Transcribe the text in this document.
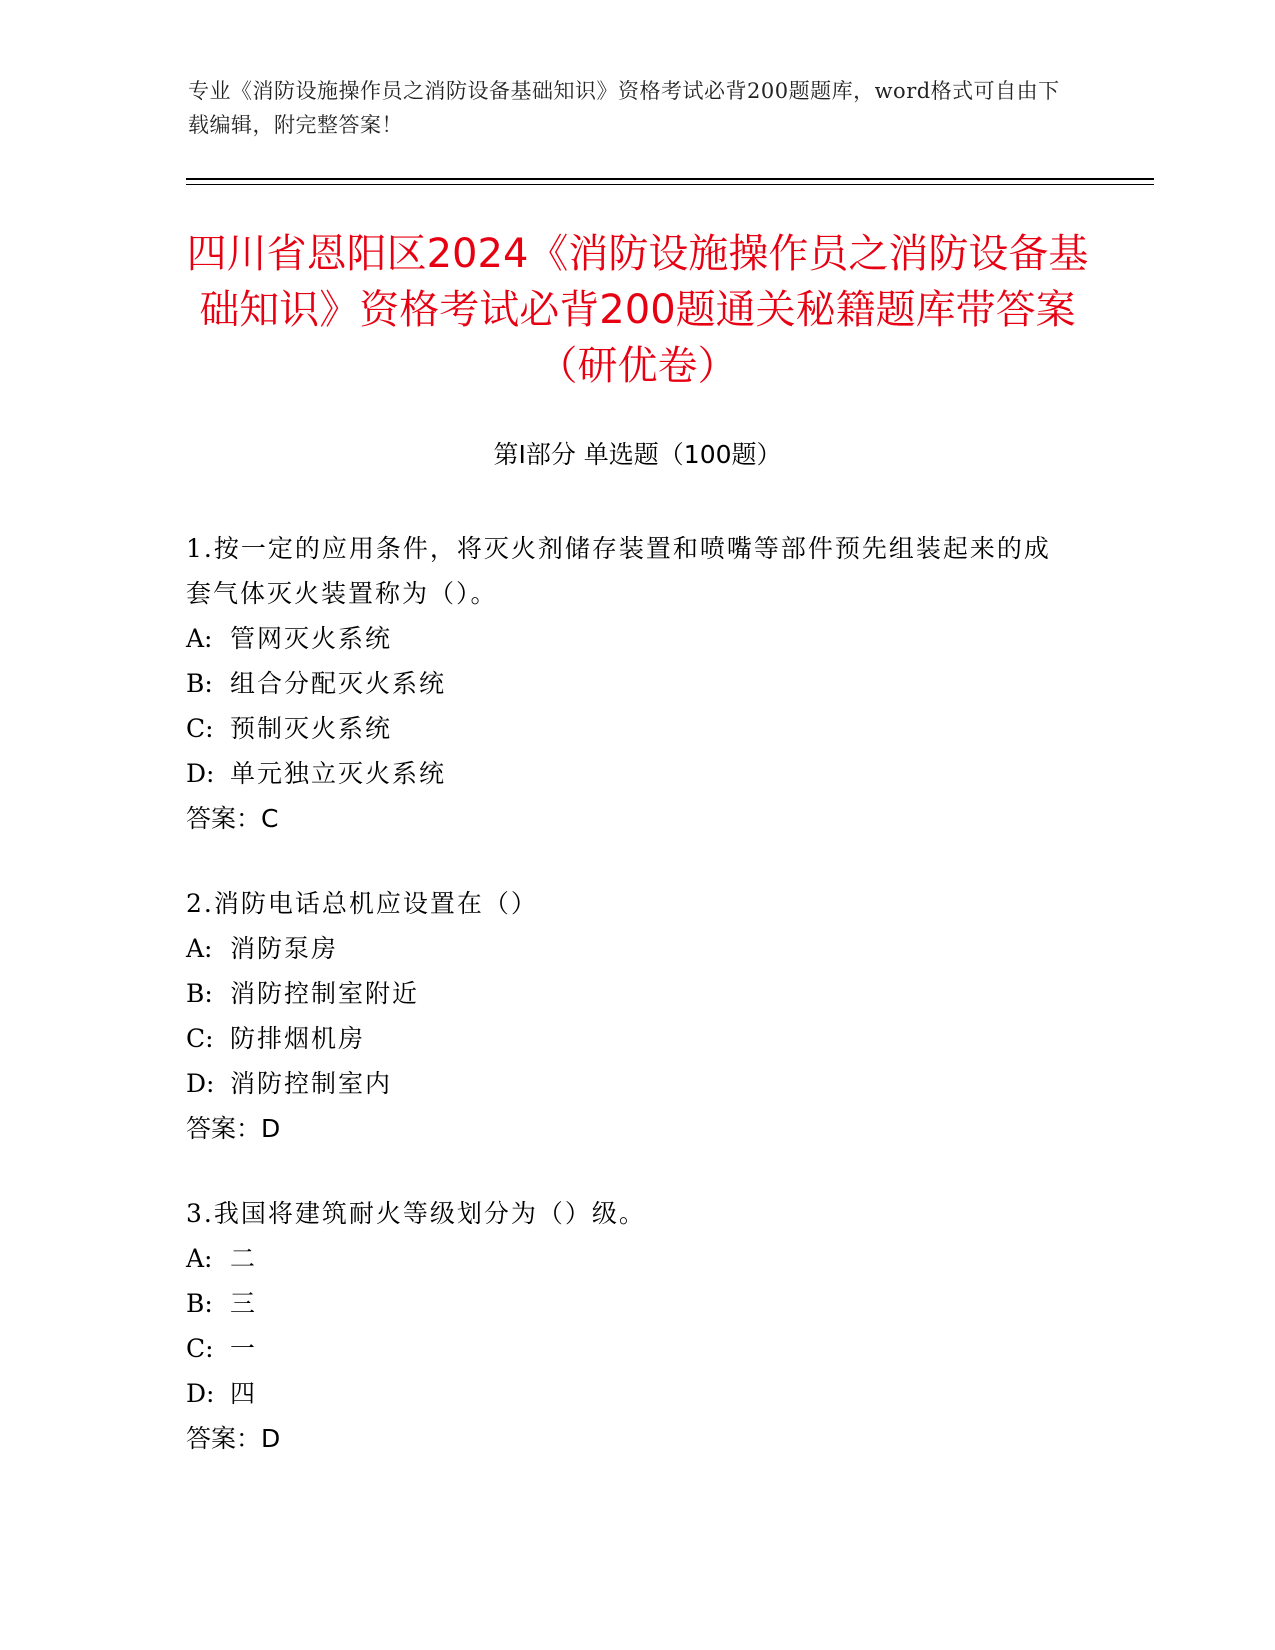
专业《消防设施操作员之消防设备基础知识》资格考试必背200题题库，word格式可自由下载编辑，附完整答案！
四川省恩阳区2024《消防设施操作员之消防设备基础知识》资格考试必背200题通关秘籍题库带答案（研优卷）
第Ⅰ部分 单选题（100题）
1.按一定的应用条件，将灭火剂储存装置和喷嘴等部件预先组装起来的成套气体灭火装置称为（）。
A: 管网灭火系统
B: 组合分配灭火系统
C: 预制灭火系统
D: 单元独立灭火系统
答案：C
2.消防电话总机应设置在（）
A: 消防泵房
B: 消防控制室附近
C: 防排烟机房
D: 消防控制室内
答案：D
3.我国将建筑耐火等级划分为（）级。
A: 二
B: 三
C: 一
D: 四
答案：D
